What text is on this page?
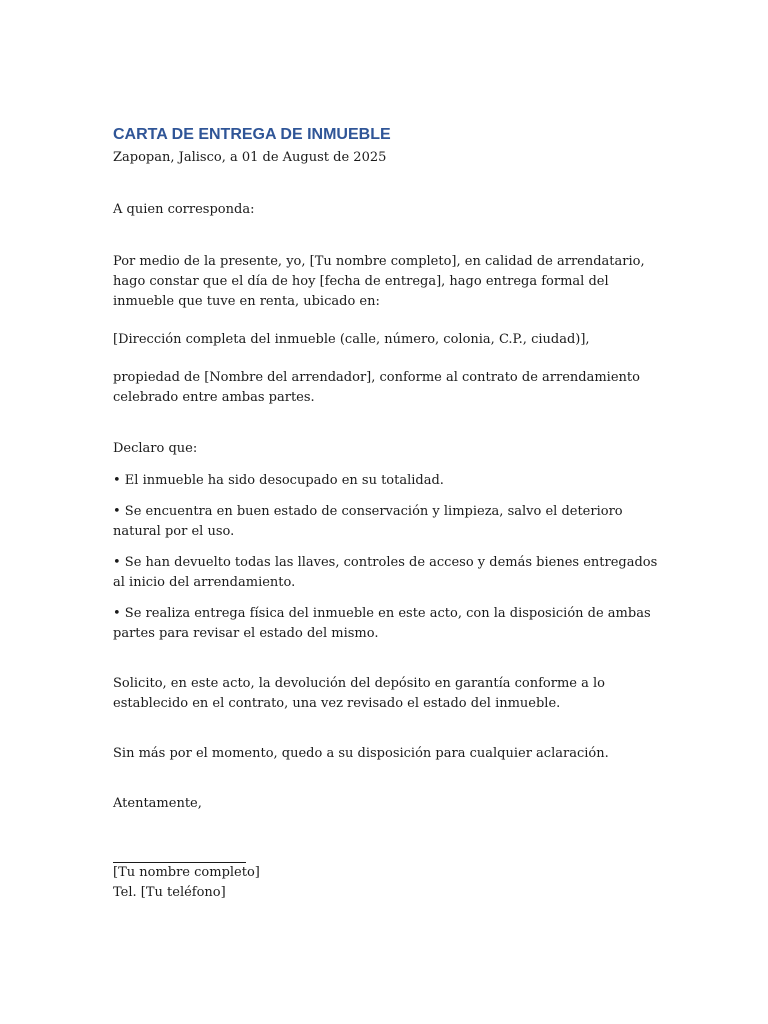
CARTA DE ENTREGA DE INMUEBLE

Zapopan, Jalisco, a 01 de August de 2025

A quien corresponda:

Por medio de la presente, yo, [Tu nombre completo], en calidad de arrendatario, hago constar que el día de hoy [fecha de entrega], hago entrega formal del inmueble que tuve en renta, ubicado en:

[Dirección completa del inmueble (calle, número, colonia, C.P., ciudad)],

propiedad de [Nombre del arrendador], conforme al contrato de arrendamiento celebrado entre ambas partes.

Declaro que:

• El inmueble ha sido desocupado en su totalidad.

• Se encuentra en buen estado de conservación y limpieza, salvo el deterioro natural por el uso.

• Se han devuelto todas las llaves, controles de acceso y demás bienes entregados al inicio del arrendamiento.

• Se realiza entrega física del inmueble en este acto, con la disposición de ambas partes para revisar el estado del mismo.

Solicito, en este acto, la devolución del depósito en garantía conforme a lo establecido en el contrato, una vez revisado el estado del inmueble.

Sin más por el momento, quedo a su disposición para cualquier aclaración.

Atentamente,

[Tu nombre completo]

Tel. [Tu teléfono]
